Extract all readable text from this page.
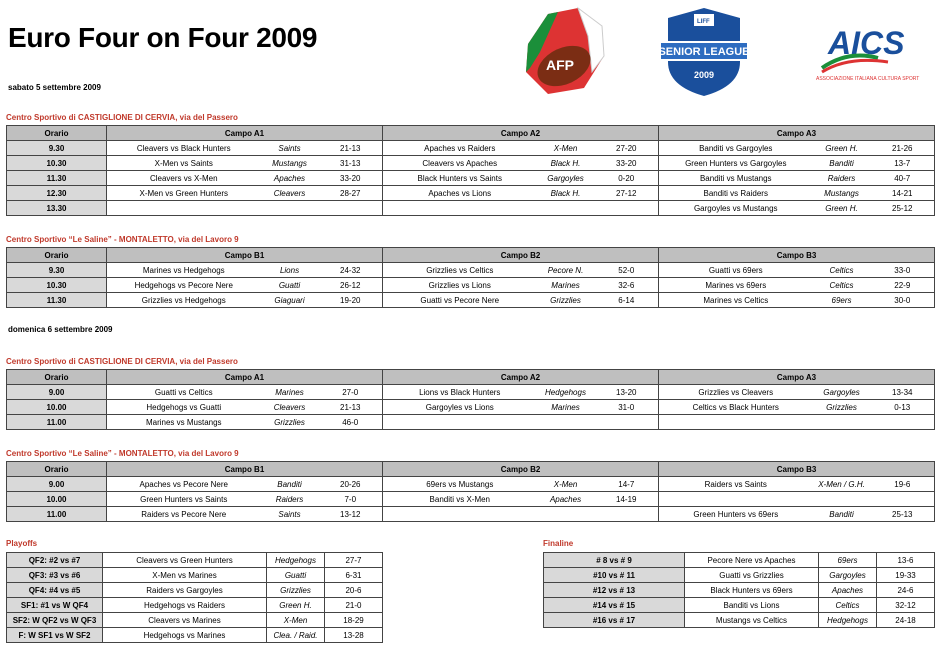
Euro Four on Four 2009
AFP
LIFF
SENIOR LEAGUE
2009
AICS
ASSOCIAZIONE ITALIANA CULTURA SPORT
sabato 5 settembre 2009
Centro Sportivo di CASTIGLIONE DI CERVIA, via del Passero
Orario	Campo A1			Campo A2			Campo A3		
9.30	Cleavers vs Black Hunters	Saints	21-13	Apaches vs Raiders	X-Men	27-20	Banditi vs Gargoyles	Green H.	21-26
10.30	X-Men vs Saints	Mustangs	31-13	Cleavers vs Apaches	Black H.	33-20	Green Hunters vs Gargoyles	Banditi	13-7
11.30	Cleavers vs X-Men	Apaches	33-20	Black Hunters vs Saints	Gargoyles	0-20	Banditi vs Mustangs	Raiders	40-7
12.30	X-Men vs Green Hunters	Cleavers	28-27	Apaches vs Lions	Black H.	27-12	Banditi vs Raiders	Mustangs	14-21
13.30							Gargoyles vs Mustangs	Green H.	25-12
Centro Sportivo “Le Saline” - MONTALETTO, via del Lavoro 9
Orario	Campo B1			Campo B2			Campo B3		
9.30	Marines vs Hedgehogs	Lions	24-32	Grizzlies vs Celtics	Pecore N.	52-0	Guatti vs 69ers	Celtics	33-0
10.30	Hedgehogs vs Pecore Nere	Guatti	26-12	Grizzlies vs Lions	Marines	32-6	Marines vs 69ers	Celtics	22-9
11.30	Grizzlies vs Hedgehogs	Giaguari	19-20	Guatti vs Pecore Nere	Grizzlies	6-14	Marines vs Celtics	69ers	30-0
domenica 6 settembre 2009
Centro Sportivo di CASTIGLIONE DI CERVIA, via del Passero
Orario	Campo A1			Campo A2			Campo A3		
9.00	Guatti vs Celtics	Marines	27-0	Lions vs Black Hunters	Hedgehogs	13-20	Grizzlies vs Cleavers	Gargoyles	13-34
10.00	Hedgehogs vs Guatti	Cleavers	21-13	Gargoyles vs Lions	Marines	31-0	Celtics vs Black Hunters	Grizzlies	0-13
11.00	Marines vs Mustangs	Grizzlies	46-0						
Centro Sportivo “Le Saline” - MONTALETTO, via del Lavoro 9
Orario	Campo B1			Campo B2			Campo B3		
9.00	Apaches vs Pecore Nere	Banditi	20-26	69ers vs Mustangs	X-Men	14-7	Raiders vs Saints	X-Men / G.H.	19-6
10.00	Green Hunters vs Saints	Raiders	7-0	Banditi vs X-Men	Apaches	14-19			
11.00	Raiders vs Pecore Nere	Saints	13-12				Green Hunters vs 69ers	Banditi	25-13
Playoffs
QF2: #2 vs #7	Cleavers vs Green Hunters	Hedgehogs	27-7
QF3: #3 vs #6	X-Men vs Marines	Guatti	6-31
QF4: #4 vs #5	Raiders vs Gargoyles	Grizzlies	20-6
SF1: #1 vs W QF4	Hedgehogs vs Raiders	Green H.	21-0
SF2: W QF2 vs W QF3	Cleavers vs Marines	X-Men	18-29
F: W SF1 vs W SF2	Hedgehogs vs Marines	Clea. / Raid.	13-28
Finaline
# 8 vs # 9	Pecore Nere vs Apaches	69ers	13-6
#10 vs # 11	Guatti vs Grizzlies	Gargoyles	19-33
#12 vs # 13	Black Hunters vs 69ers	Apaches	24-6
#14 vs # 15	Banditi vs Lions	Celtics	32-12
#16 vs # 17	Mustangs vs Celtics	Hedgehogs	24-18
